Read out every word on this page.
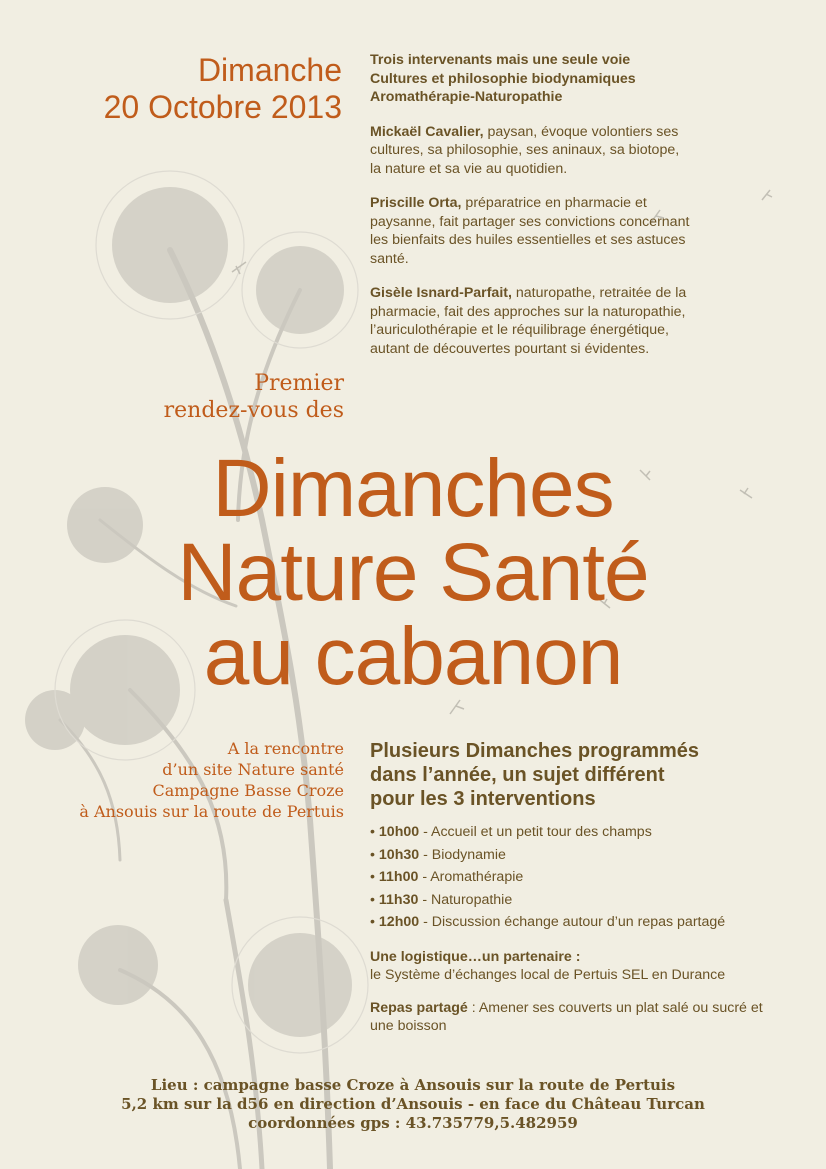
Dimanche
20 Octobre 2013
Trois intervenants mais une seule voie
Cultures et philosophie biodynamiques
Aromathérapie-Naturopathie

Mickaël Cavalier, paysan, évoque volontiers ses cultures, sa philosophie, ses aninaux, sa biotope, la nature et sa vie au quotidien.

Priscille Orta, préparatrice en pharmacie et paysanne, fait partager ses convictions concernant les bienfaits des huiles essentielles et ses astuces santé.

Gisèle Isnard-Parfait, naturopathe, retraitée de la pharmacie, fait des approches sur la naturopathie, l’auriculothérapie et le réquilibrage énergétique, autant de découvertes pourtant si évidentes.

Premier
rendez-vous des
Dimanches
Nature Santé
au cabanon
A la rencontre
d’un site Nature santé
Campagne Basse Croze
à Ansouis sur la route de Pertuis
Plusieurs Dimanches programmés
dans l’année, un sujet différent
pour les 3 interventions
• 10h00 - Accueil et un petit tour des champs
• 10h30 - Biodynamie
• 11h00 - Aromathérapie
• 11h30 - Naturopathie
• 12h00 - Discussion échange autour d’un repas partagé
Une logistique…un partenaire :
le Système d’échanges local de Pertuis SEL en Durance
Repas partagé : Amener ses couverts un plat salé ou sucré et une boisson
Lieu : campagne basse Croze à Ansouis sur la route de Pertuis
5,2 km sur la d56 en direction d’Ansouis - en face du Château Turcan
coordonnées gps : 43.735779,5.482959
